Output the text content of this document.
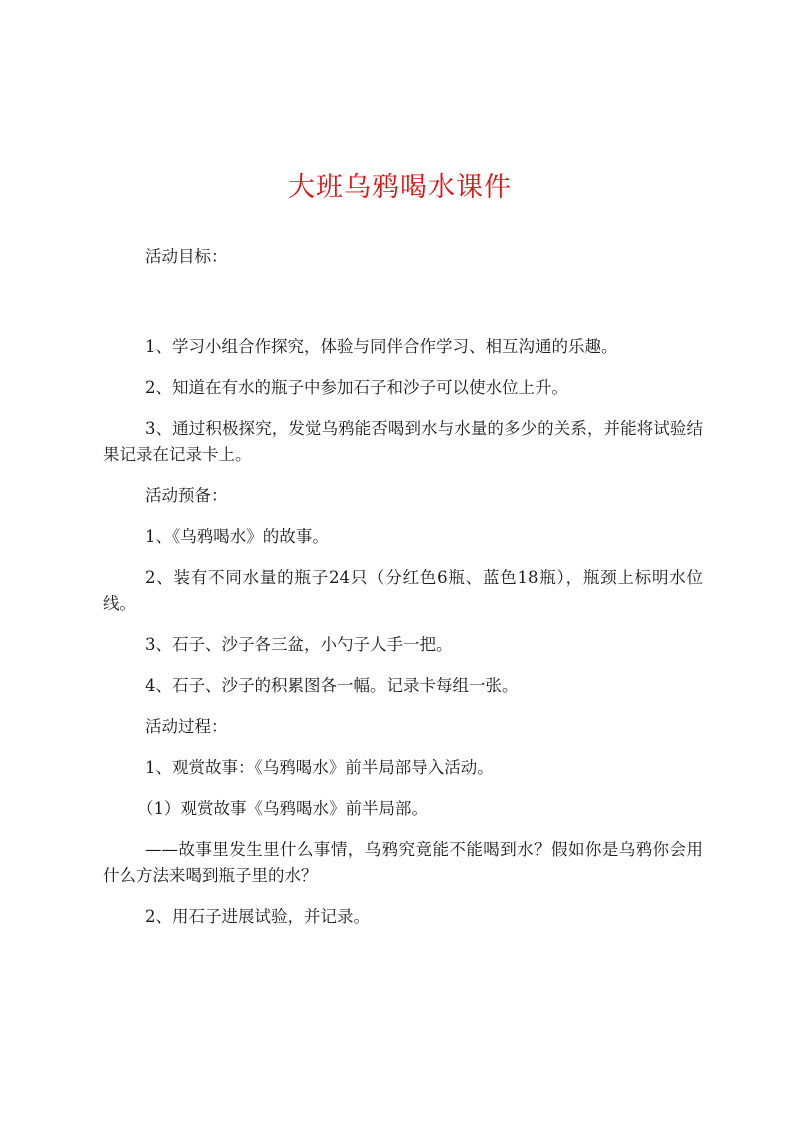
大班乌鸦喝水课件

活动目标：

1、学习小组合作探究，体验与同伴合作学习、相互沟通的乐趣。

2、知道在有水的瓶子中参加石子和沙子可以使水位上升。

3、通过积极探究，发觉乌鸦能否喝到水与水量的多少的关系，并能将试验结果记录在记录卡上。

活动预备：

1、《乌鸦喝水》的故事。

2、装有不同水量的瓶子24只（分红色6瓶、蓝色18瓶），瓶颈上标明水位线。

3、石子、沙子各三盆，小勺子人手一把。

4、石子、沙子的积累图各一幅。记录卡每组一张。

活动过程：

1、观赏故事：《乌鸦喝水》前半局部导入活动。

（1）观赏故事《乌鸦喝水》前半局部。

——故事里发生里什么事情，乌鸦究竟能不能喝到水？假如你是乌鸦你会用什么方法来喝到瓶子里的水？

2、用石子进展试验，并记录。
